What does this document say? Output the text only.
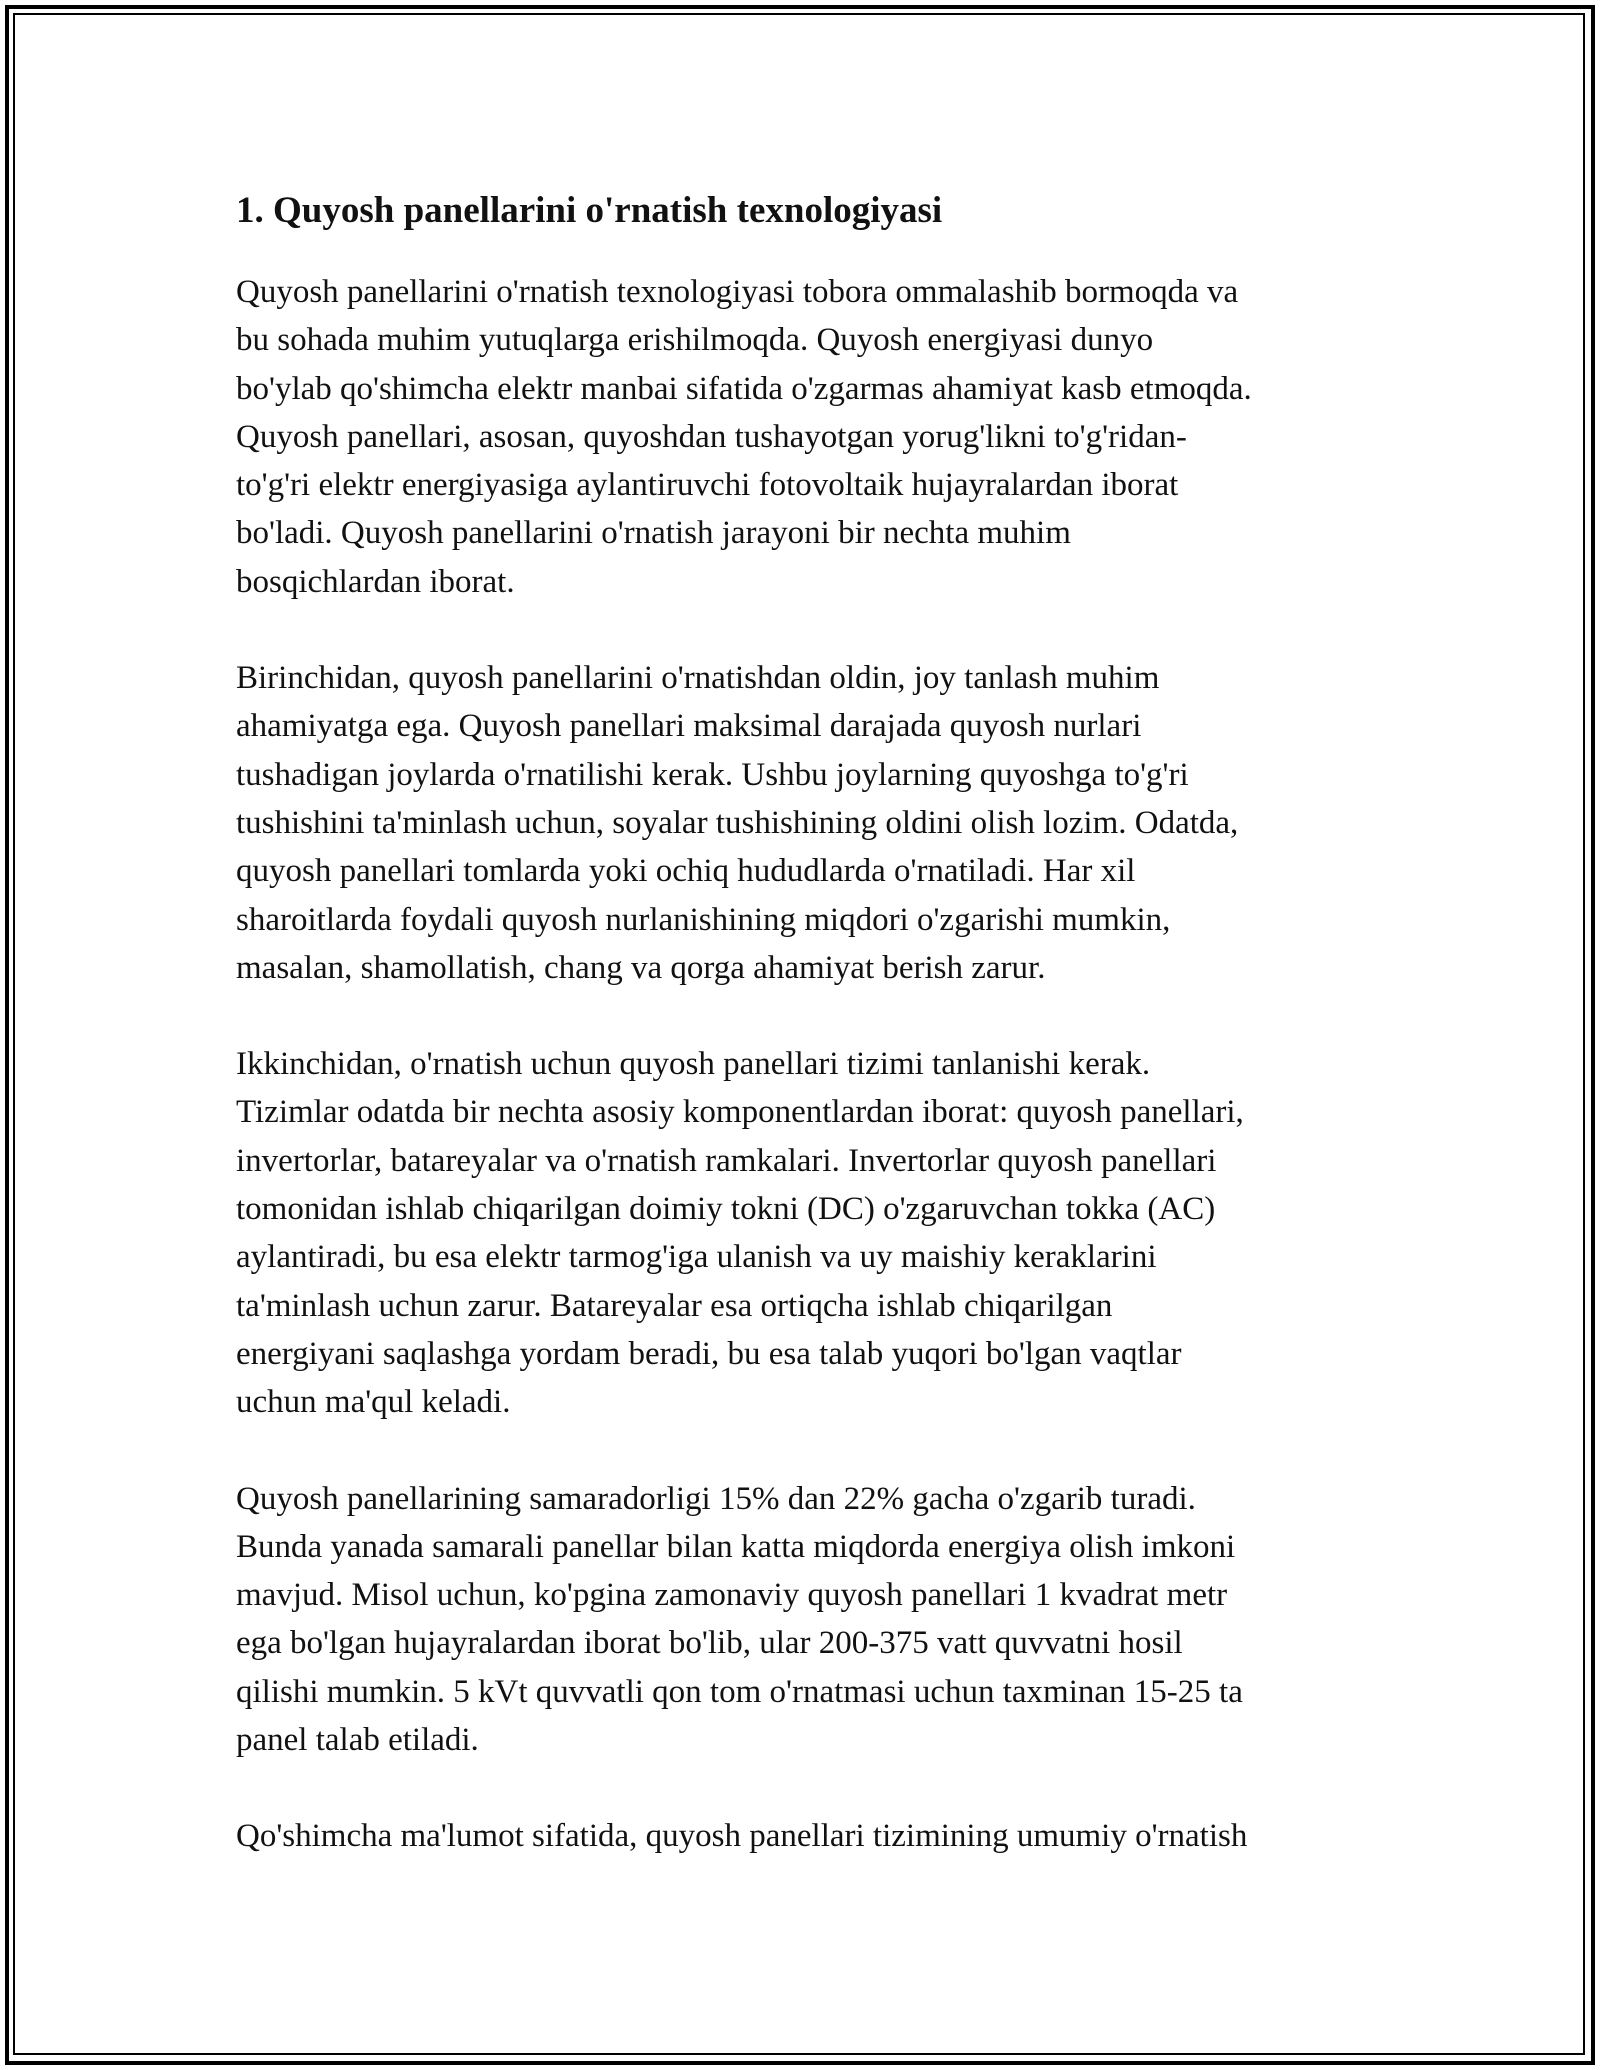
1. Quyosh panellarini o'rnatish texnologiyasi

Quyosh panellarini o'rnatish texnologiyasi tobora ommalashib bormoqda va
bu sohada muhim yutuqlarga erishilmoqda. Quyosh energiyasi dunyo
bo'ylab qo'shimcha elektr manbai sifatida o'zgarmas ahamiyat kasb etmoqda.
Quyosh panellari, asosan, quyoshdan tushayotgan yorug'likni to'g'ridan-
to'g'ri elektr energiyasiga aylantiruvchi fotovoltaik hujayralardan iborat
bo'ladi. Quyosh panellarini o'rnatish jarayoni bir nechta muhim
bosqichlardan iborat.

Birinchidan, quyosh panellarini o'rnatishdan oldin, joy tanlash muhim
ahamiyatga ega. Quyosh panellari maksimal darajada quyosh nurlari
tushadigan joylarda o'rnatilishi kerak. Ushbu joylarning quyoshga to'g'ri
tushishini ta'minlash uchun, soyalar tushishining oldini olish lozim. Odatda,
quyosh panellari tomlarda yoki ochiq hududlarda o'rnatiladi. Har xil
sharoitlarda foydali quyosh nurlanishining miqdori o'zgarishi mumkin,
masalan, shamollatish, chang va qorga ahamiyat berish zarur.

Ikkinchidan, o'rnatish uchun quyosh panellari tizimi tanlanishi kerak.
Tizimlar odatda bir nechta asosiy komponentlardan iborat: quyosh panellari,
invertorlar, batareyalar va o'rnatish ramkalari. Invertorlar quyosh panellari
tomonidan ishlab chiqarilgan doimiy tokni (DC) o'zgaruvchan tokka (AC)
aylantiradi, bu esa elektr tarmog'iga ulanish va uy maishiy keraklarini
ta'minlash uchun zarur. Batareyalar esa ortiqcha ishlab chiqarilgan
energiyani saqlashga yordam beradi, bu esa talab yuqori bo'lgan vaqtlar
uchun ma'qul keladi.

Quyosh panellarining samaradorligi 15% dan 22% gacha o'zgarib turadi.
Bunda yanada samarali panellar bilan katta miqdorda energiya olish imkoni
mavjud. Misol uchun, ko'pgina zamonaviy quyosh panellari 1 kvadrat metr
ega bo'lgan hujayralardan iborat bo'lib, ular 200-375 vatt quvvatni hosil
qilishi mumkin. 5 kVt quvvatli qon tom o'rnatmasi uchun taxminan 15-25 ta
panel talab etiladi.

Qo'shimcha ma'lumot sifatida, quyosh panellari tizimining umumiy o'rnatish
